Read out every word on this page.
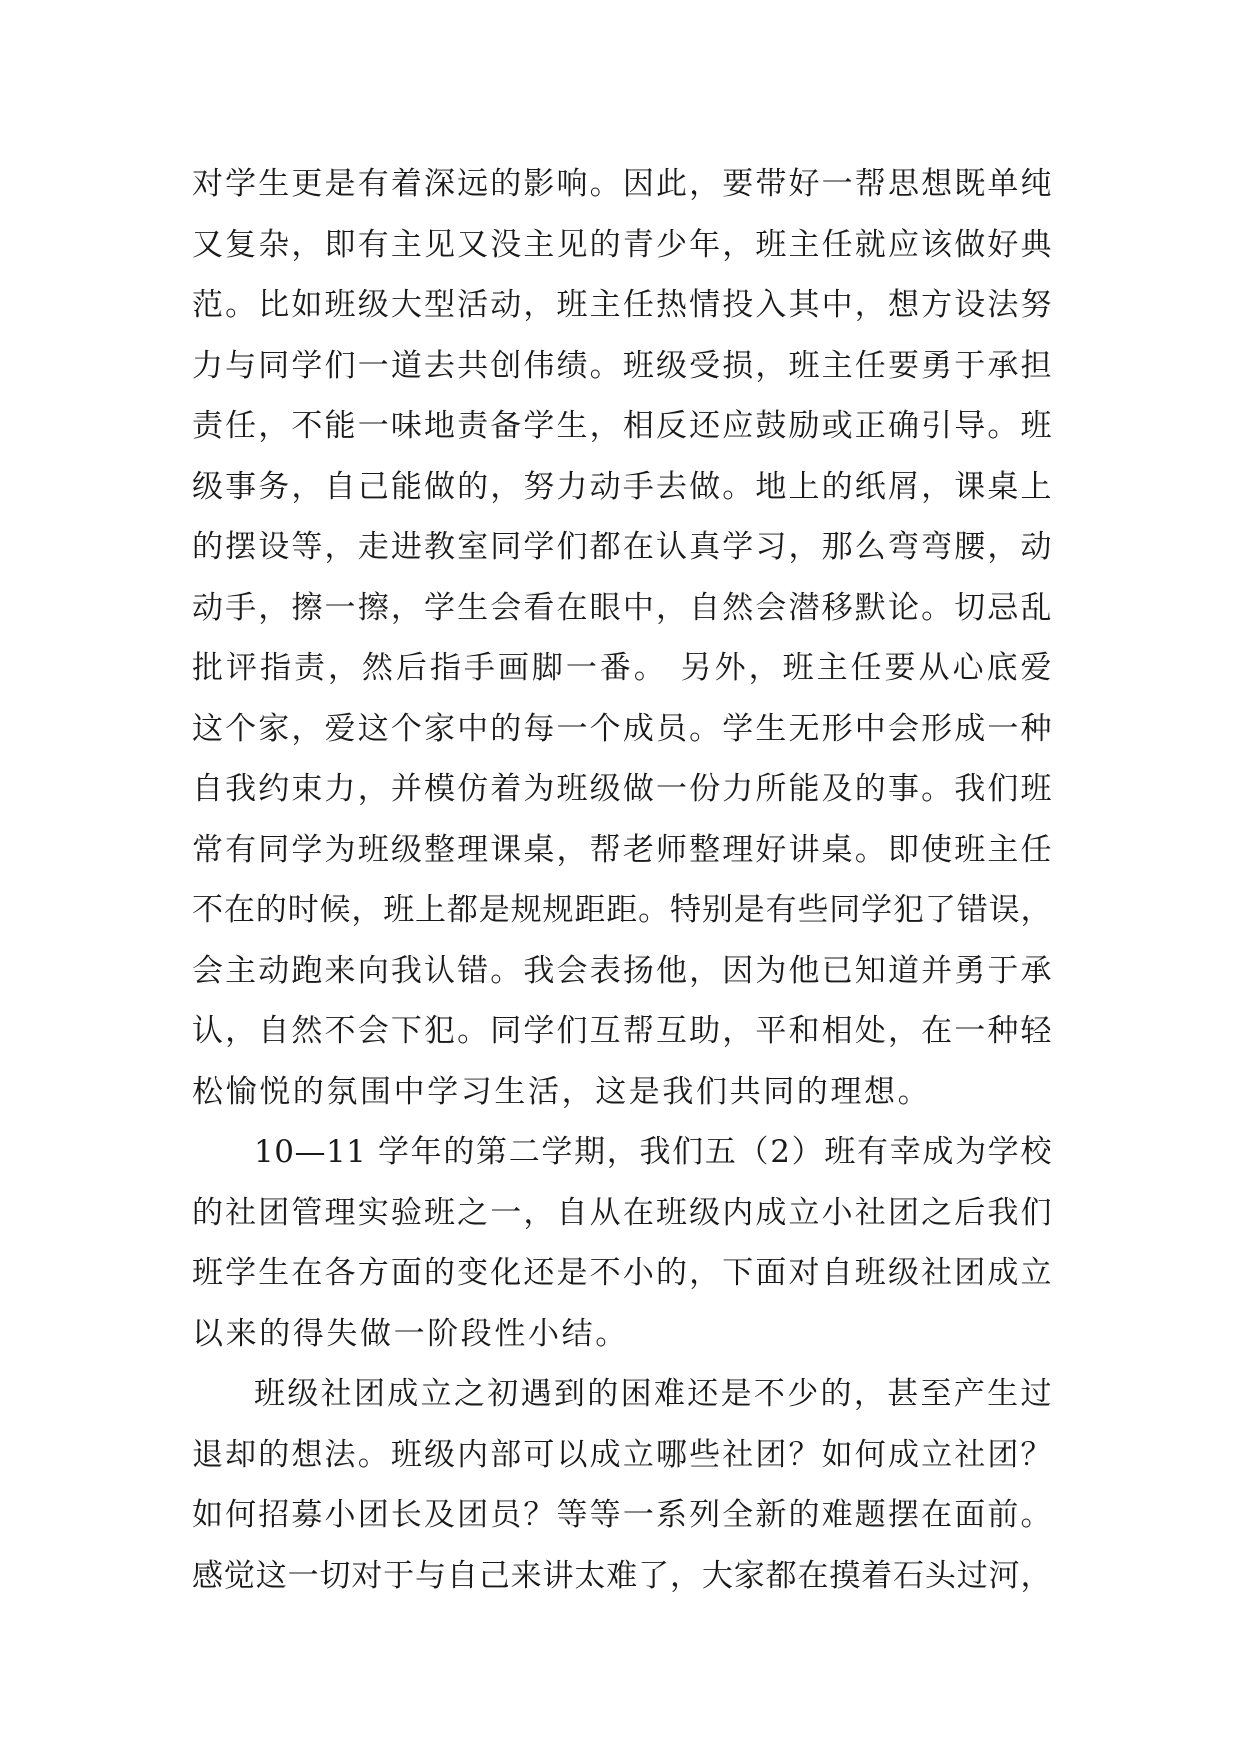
对学生更是有着深远的影响。因此，要带好一帮思想既单纯
又复杂，即有主见又没主见的青少年，班主任就应该做好典
范。比如班级大型活动，班主任热情投入其中，想方设法努
力与同学们一道去共创伟绩。班级受损，班主任要勇于承担
责任，不能一味地责备学生，相反还应鼓励或正确引导。班
级事务，自己能做的，努力动手去做。地上的纸屑，课桌上
的摆设等，走进教室同学们都在认真学习，那么弯弯腰，动
动手，擦一擦，学生会看在眼中，自然会潜移默论。切忌乱
批评指责，然后指手画脚一番。 另外，班主任要从心底爱
这个家，爱这个家中的每一个成员。学生无形中会形成一种
自我约束力，并模仿着为班级做一份力所能及的事。我们班
常有同学为班级整理课桌，帮老师整理好讲桌。即使班主任
不在的时候，班上都是规规距距。特别是有些同学犯了错误，
会主动跑来向我认错。我会表扬他，因为他已知道并勇于承
认，自然不会下犯。同学们互帮互助，平和相处，在一种轻
松愉悦的氛围中学习生活，这是我们共同的理想。
10—11 学年的第二学期，我们五（2）班有幸成为学校
的社团管理实验班之一，自从在班级内成立小社团之后我们
班学生在各方面的变化还是不小的，下面对自班级社团成立
以来的得失做一阶段性小结。
班级社团成立之初遇到的困难还是不少的，甚至产生过
退却的想法。班级内部可以成立哪些社团？如何成立社团？
如何招募小团长及团员？等等一系列全新的难题摆在面前。
感觉这一切对于与自己来讲太难了，大家都在摸着石头过河，
